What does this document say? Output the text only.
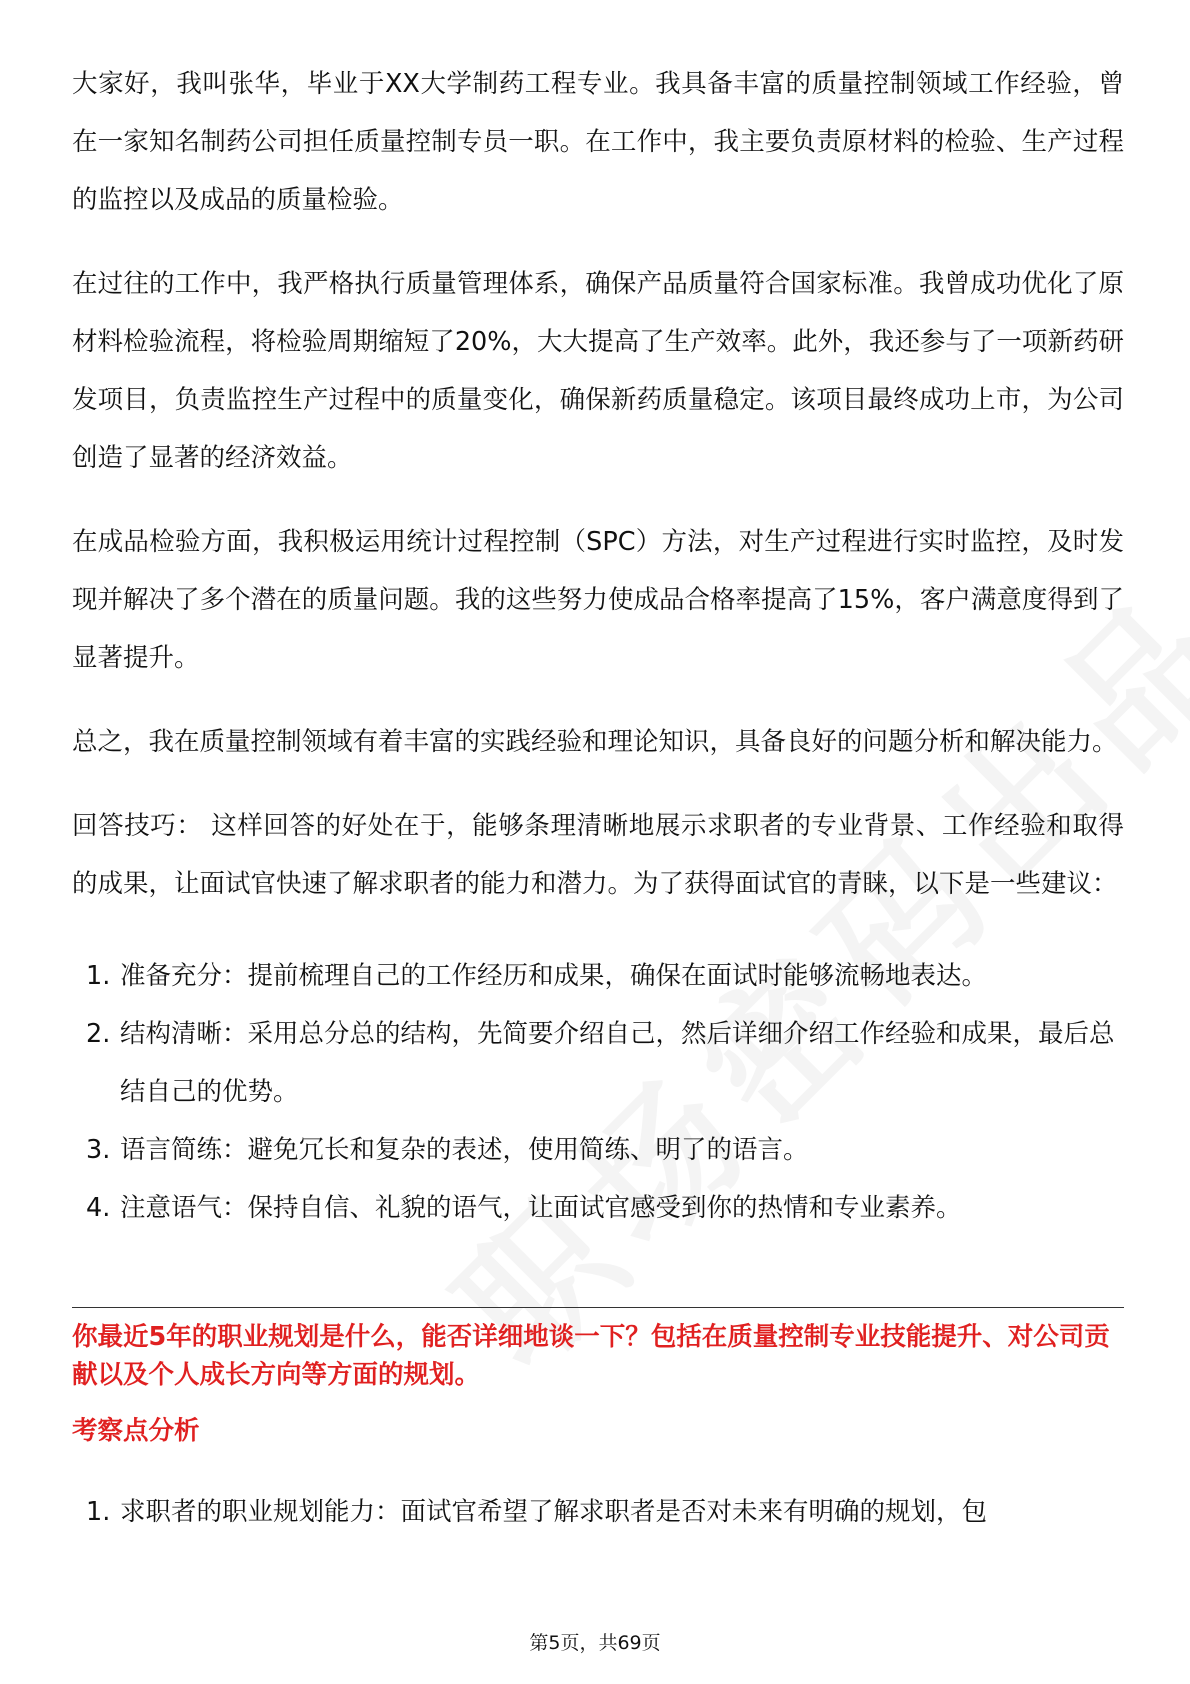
大家好，我叫张华，毕业于XX大学制药工程专业。我具备丰富的质量控制领域工作经验，曾在一家知名制药公司担任质量控制专员一职。在工作中，我主要负责原材料的检验、生产过程的监控以及成品的质量检验。

在过往的工作中，我严格执行质量管理体系，确保产品质量符合国家标准。我曾成功优化了原材料检验流程，将检验周期缩短了20%，大大提高了生产效率。此外，我还参与了一项新药研发项目，负责监控生产过程中的质量变化，确保新药质量稳定。该项目最终成功上市，为公司创造了显著的经济效益。

在成品检验方面，我积极运用统计过程控制（SPC）方法，对生产过程进行实时监控，及时发现并解决了多个潜在的质量问题。我的这些努力使成品合格率提高了15%，客户满意度得到了显著提升。

总之，我在质量控制领域有着丰富的实践经验和理论知识，具备良好的问题分析和解决能力。

回答技巧： 这样回答的好处在于，能够条理清晰地展示求职者的专业背景、工作经验和取得的成果，让面试官快速了解求职者的能力和潜力。为了获得面试官的青睐，以下是一些建议：

1. 准备充分：提前梳理自己的工作经历和成果，确保在面试时能够流畅地表达。
2. 结构清晰：采用总分总的结构，先简要介绍自己，然后详细介绍工作经验和成果，最后总结自己的优势。
3. 语言简练：避免冗长和复杂的表述，使用简练、明了的语言。
4. 注意语气：保持自信、礼貌的语气，让面试官感受到你的热情和专业素养。
你最近5年的职业规划是什么，能否详细地谈一下？包括在质量控制专业技能提升、对公司贡献以及个人成长方向等方面的规划。
考察点分析
1. 求职者的职业规划能力：面试官希望了解求职者是否对未来有明确的规划，包
第5页，共69页
